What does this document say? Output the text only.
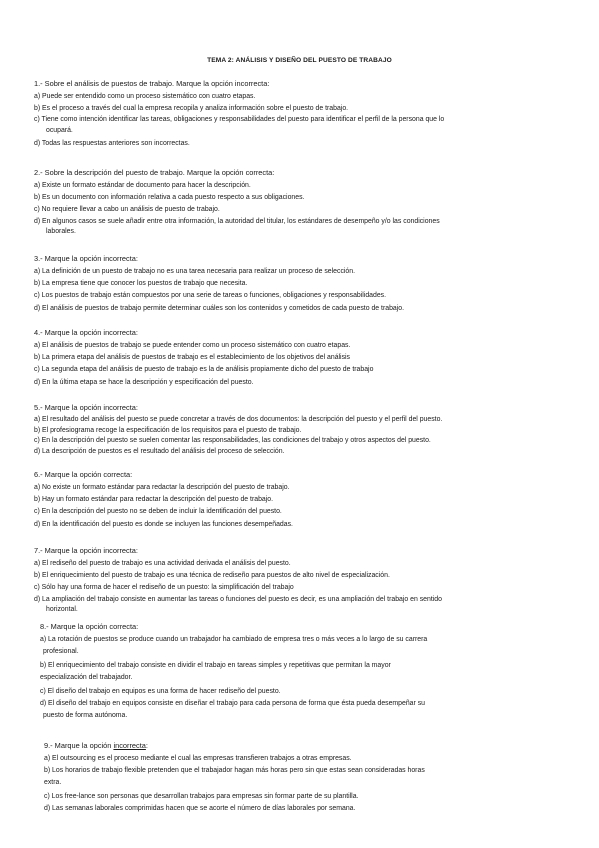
TEMA 2: ANÁLISIS Y DISEÑO DEL PUESTO DE TRABAJO
1.- Sobre el análisis de puestos de trabajo. Marque la opción incorrecta:
a) Puede ser entendido como un proceso sistemático con cuatro etapas.
b) Es el proceso a través del cual la empresa recopila y analiza información sobre el puesto de trabajo.
c) Tiene como intención identificar las tareas, obligaciones y responsabilidades del puesto para identificar el perfil de la persona que lo
ocupará.
d) Todas las respuestas anteriores son incorrectas.
2.- Sobre la descripción del puesto de trabajo. Marque la opción correcta:
a) Existe un formato estándar de documento para hacer la descripción.
b) Es un documento con información relativa a cada puesto respecto a sus obligaciones.
c) No requiere llevar a cabo un análisis de puesto de trabajo.
d) En algunos casos se suele añadir entre otra información, la autoridad del titular, los estándares de desempeño y/o las condiciones
laborales.
3.- Marque la opción incorrecta:
a) La definición de un puesto de trabajo no es una tarea necesaria para realizar un proceso de selección.
b) La empresa tiene que conocer los puestos de trabajo que necesita.
c) Los puestos de trabajo están compuestos por una serie de tareas o funciones, obligaciones y responsabilidades.
d) El análisis de puestos de trabajo permite determinar cuáles son los contenidos y cometidos de cada puesto de trabajo.
4.- Marque la opción incorrecta:
a) El análisis de puestos de trabajo se puede entender como un proceso sistemático con cuatro etapas.
b) La primera etapa del análisis de puestos de trabajo es el establecimiento de los objetivos del análisis
c) La segunda etapa del análisis de puesto de trabajo es la de análisis propiamente dicho del puesto de trabajo
d) En la última etapa se hace la descripción y especificación del puesto.
5.- Marque la opción incorrecta:
a) El resultado del análisis del puesto se puede concretar a través de dos documentos: la descripción del puesto y el perfil del puesto.
b) El profesiograma recoge la especificación de los requisitos para el puesto de trabajo.
c) En la descripción del puesto se suelen comentar las responsabilidades, las condiciones del trabajo y otros aspectos del puesto.
d) La descripción de puestos es el resultado del análisis del proceso de selección.
6.- Marque la opción correcta:
a) No existe un formato estándar para redactar la descripción del puesto de trabajo.
b) Hay un formato estándar para redactar la descripción del puesto de trabajo.
c) En la descripción del puesto no se deben de incluir la identificación del puesto.
d) En la identificación del puesto es donde se incluyen las funciones desempeñadas.
7.- Marque la opción incorrecta:
a) El rediseño del puesto de trabajo es una actividad derivada el análisis del puesto.
b) El enriquecimiento del puesto de trabajo es una técnica de rediseño para puestos de alto nivel de especialización.
c) Sólo hay una forma de hacer el rediseño de un puesto: la simplificación del trabajo
d) La ampliación del trabajo consiste en aumentar las tareas o funciones del puesto es decir, es una ampliación del trabajo en sentido
horizontal.
8.- Marque la opción correcta:
a) La rotación de puestos se produce cuando un trabajador ha cambiado de empresa tres o más veces a lo largo de su carrera
profesional.
b) El enriquecimiento del trabajo consiste en dividir el trabajo en tareas simples y repetitivas que permitan la mayor
especialización del trabajador.
c) El diseño del trabajo en equipos es una forma de hacer rediseño del puesto.
d) El diseño del trabajo en equipos consiste en diseñar el trabajo para cada persona de forma que ésta pueda desempeñar su
puesto de forma autónoma.
9.- Marque la opción incorrecta:
a) El outsourcing es el proceso mediante el cual las empresas transfieren trabajos a otras empresas.
b) Los horarios de trabajo flexible pretenden que el trabajador hagan más horas pero sin que estas sean consideradas horas
extra.
c) Los free-lance son personas que desarrollan trabajos para empresas sin formar parte de su plantilla.
d) Las semanas laborales comprimidas hacen que se acorte el número de días laborales por semana.
